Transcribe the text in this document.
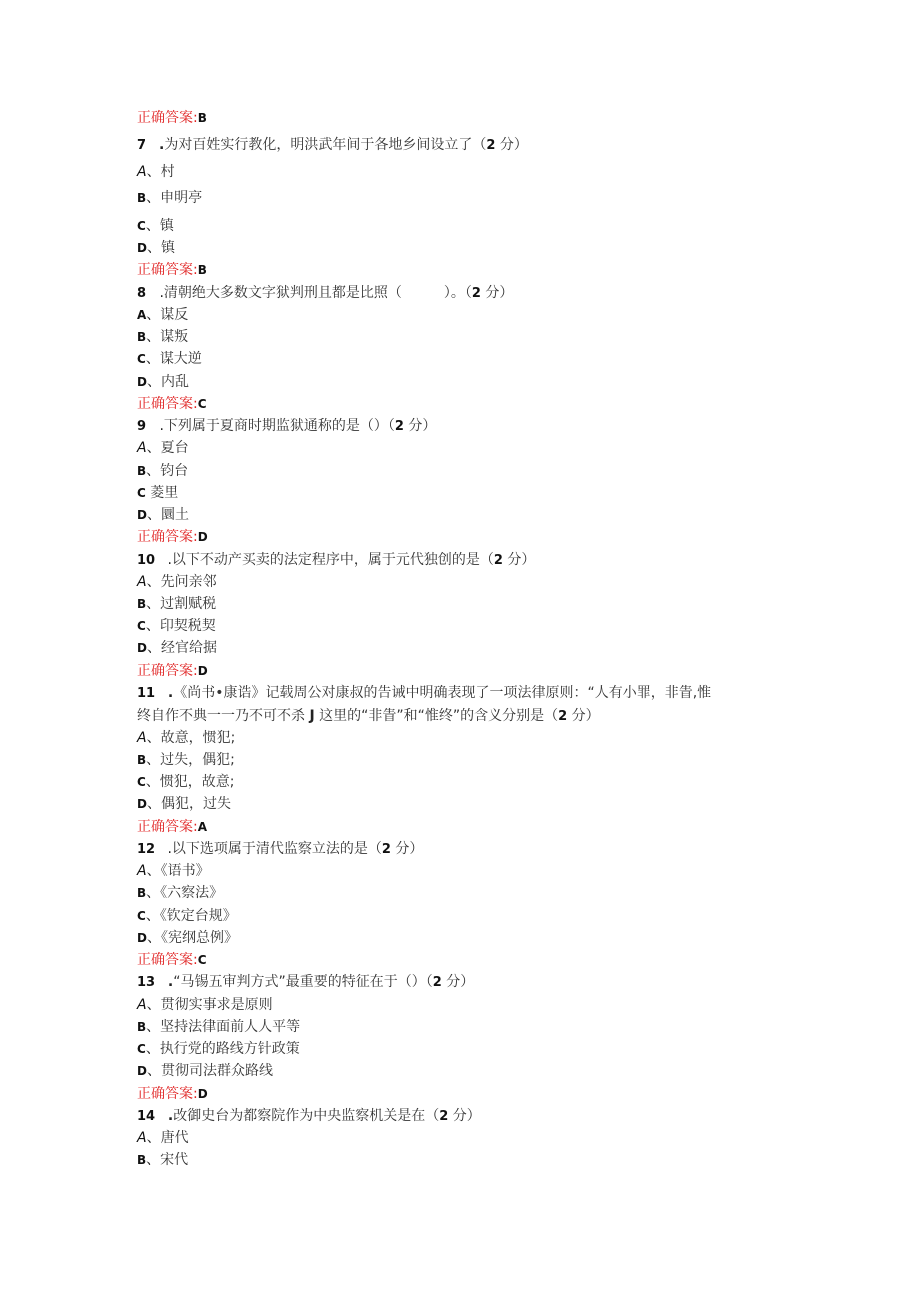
正确答案:B
7 .为对百姓实行教化，明洪武年间于各地乡间设立了（2 分）
A、村
B、申明亭
C、镇
D、镇
正确答案:B
8 .清朝绝大多数文字狱判刑且都是比照（　　　）。（2 分）
A、谋反
B、谋叛
C、谋大逆
D、内乱
正确答案:C
9 .下列属于夏商时期监狱通称的是（）（2 分）
A、夏台
B、钧台
C 菱里
D、圜土
正确答案:D
10 .以下不动产买卖的法定程序中，属于元代独创的是（2 分）
A、先问亲邻
B、过割赋税
C、印契税契
D、经官给据
正确答案:D
11 .《尚书•康诰》记载周公对康叔的告诫中明确表现了一项法律原则：“人有小罪，非眚,惟
终自作不典一一乃不可不杀 J 这里的“非眚”和“惟终”的含义分别是（2 分）
A、故意，惯犯;
B、过失，偶犯;
C、惯犯，故意;
D、偶犯，过失
正确答案:A
12 .以下选项属于清代监察立法的是（2 分）
A、《语书》
B、《六察法》
C、《钦定台规》
D、《宪纲总例》
正确答案:C
13 .“马锡五审判方式”最重要的特征在于（）（2 分）
A、贯彻实事求是原则
B、坚持法律面前人人平等
C、执行党的路线方针政策
D、贯彻司法群众路线
正确答案:D
14 .改御史台为都察院作为中央监察机关是在（2 分）
A、唐代
B、宋代
